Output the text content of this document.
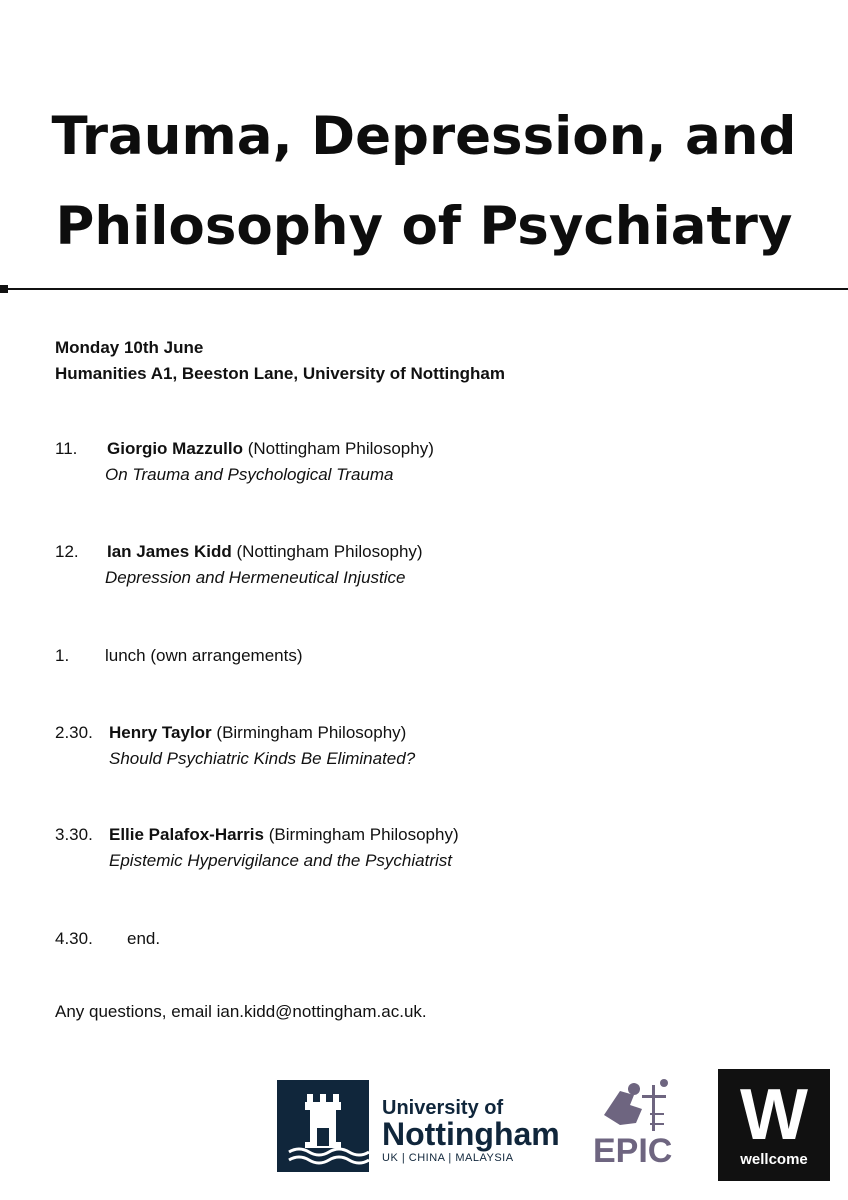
Trauma, Depression, and
Philosophy of Psychiatry
Monday 10th June
Humanities A1, Beeston Lane, University of Nottingham
11. Giorgio Mazzullo (Nottingham Philosophy)
On Trauma and Psychological Trauma
12. Ian James Kidd (Nottingham Philosophy)
Depression and Hermeneutical Injustice
1. lunch (own arrangements)
2.30. Henry Taylor (Birmingham Philosophy)
Should Psychiatric Kinds Be Eliminated?
3.30. Ellie Palafox-Harris (Birmingham Philosophy)
Epistemic Hypervigilance and the Psychiatrist
4.30. end.
Any questions, email ian.kidd@nottingham.ac.uk.
University of
Nottingham
UK | CHINA | MALAYSIA	EPIC W
wellcome
